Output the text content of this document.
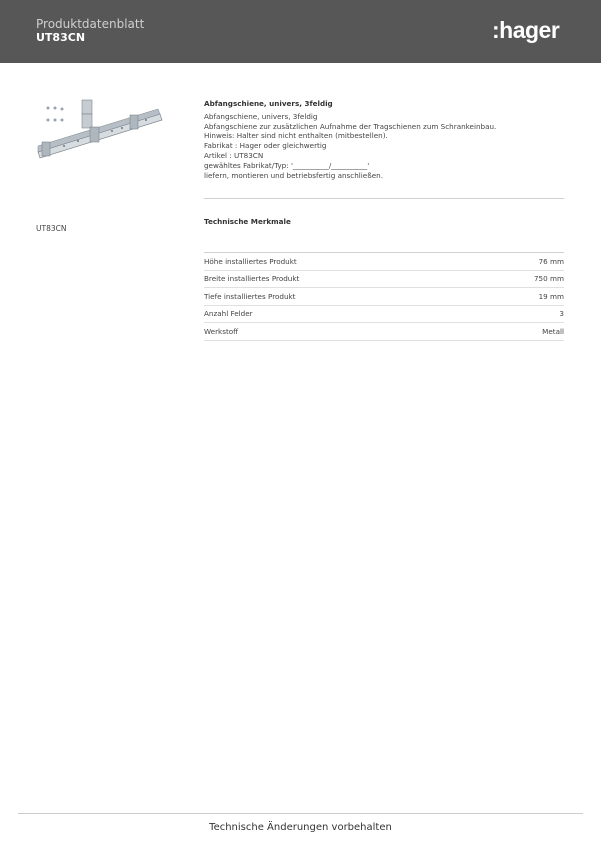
Produktdatenblatt
UT83CN	:hager
UT83CN
Abfangschiene, univers, 3feldig
Abfangschiene, univers, 3feldig
Abfangschiene zur zusätzlichen Aufnahme der Tragschienen zum Schrankeinbau.
Hinweis: Halter sind nicht enthalten (mitbestellen).
Fabrikat : Hager oder gleichwertig
Artikel : UT83CN
gewähltes Fabrikat/Typ: '__________/__________'
liefern, montieren und betriebsfertig anschließen.
Technische Merkmale
Höhe installiertes Produkt	76 mm
Breite installiertes Produkt	750 mm
Tiefe installiertes Produkt	19 mm
Anzahl Felder	3
Werkstoff	Metall
Technische Änderungen vorbehalten
